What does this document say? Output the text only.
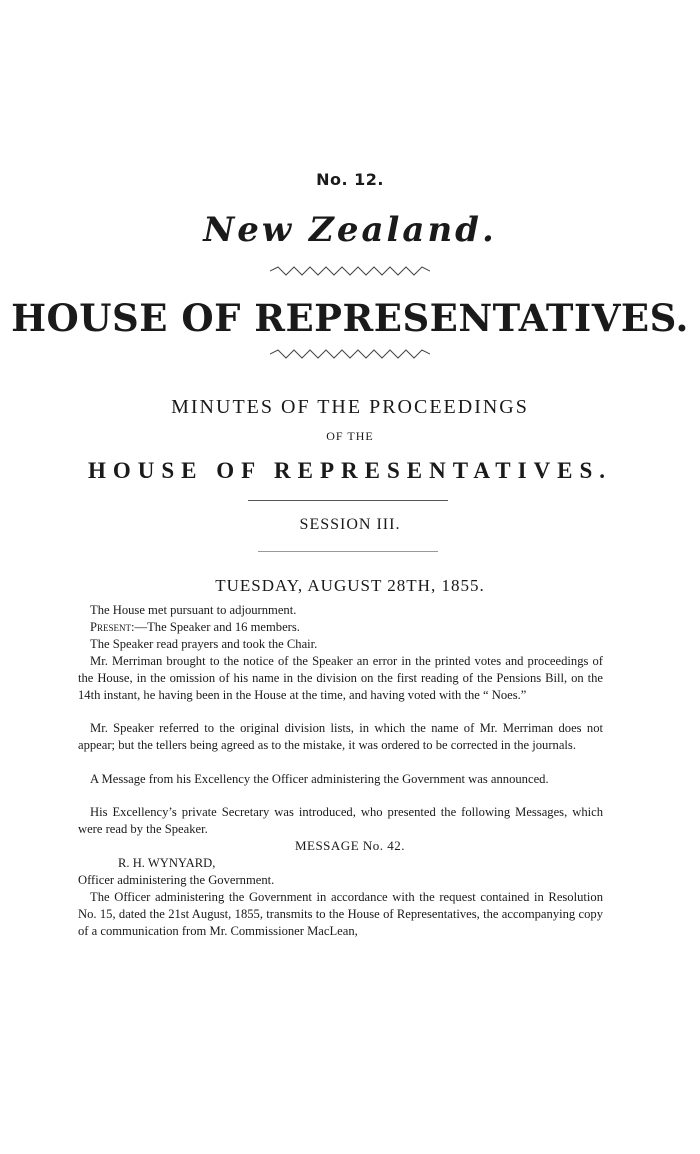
No. 12.
New Zealand.
HOUSE OF REPRESENTATIVES.
MINUTES OF THE PROCEEDINGS
OF THE
HOUSE OF REPRESENTATIVES.
SESSION III.
TUESDAY, AUGUST 28TH, 1855.

The House met pursuant to adjournment.

Present:—The Speaker and 16 members.

The Speaker read prayers and took the Chair.

Mr. Merriman brought to the notice of the Speaker an error in the printed votes and proceedings of the House, in the omission of his name in the division on the first reading of the Pensions Bill, on the 14th instant, he having been in the House at the time, and having voted with the “ Noes.”

Mr. Speaker referred to the original division lists, in which the name of Mr. Merriman does not appear; but the tellers being agreed as to the mistake, it was ordered to be corrected in the journals.

A Message from his Excellency the Officer administering the Government was announced.

His Excellency’s private Secretary was introduced, who presented the following Messages, which were read by the Speaker.

MESSAGE No. 42.

R. H. WYNYARD,

Officer administering the Government.

The Officer administering the Government in accordance with the request contained in Resolution No. 15, dated the 21st August, 1855, transmits to the House of Representatives, the accompanying copy of a communication from Mr. Commissioner MacLean,
